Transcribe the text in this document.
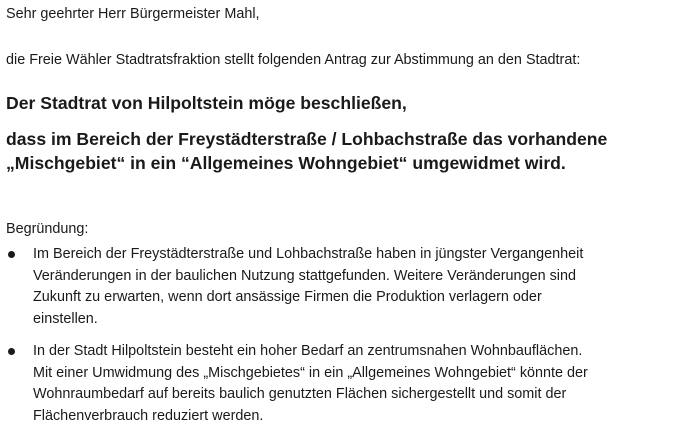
Sehr geehrter Herr Bürgermeister Mahl,
die Freie Wähler Stadtratsfraktion stellt folgenden Antrag zur Abstimmung an den Stadtrat:
Der Stadtrat von Hilpoltstein möge beschließen,
dass im Bereich der Freystädterstraße / Lohbachstraße das vorhandene
„Mischgebiet“ in ein “Allgemeines Wohngebiet“ umgewidmet wird.
Begründung:
Im Bereich der Freystädterstraße und Lohbachstraße haben in jüngster Vergangenheit
Veränderungen in der baulichen Nutzung stattgefunden. Weitere Veränderungen sind
Zukunft zu erwarten, wenn dort ansässige Firmen die Produktion verlagern oder
einstellen.
In der Stadt Hilpoltstein besteht ein hoher Bedarf an zentrumsnahen Wohnbauflächen.
Mit einer Umwidmung des „Mischgebietes“ in ein „Allgemeines Wohngebiet“ könnte der
Wohnraumbedarf auf bereits baulich genutzten Flächen sichergestellt und somit der
Flächenverbrauch reduziert werden.
